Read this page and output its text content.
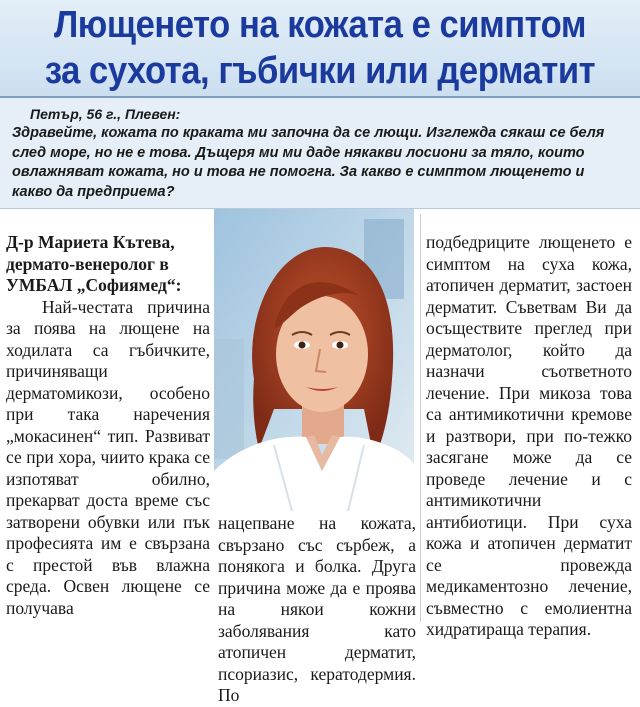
Лющенето на кожата е симптом
за сухота, гъбички или дерматит

Петър, 56 г., Плевен:

Здравейте, кожата по краката ми започна да се лющи. Изглежда сякаш се беля след море, но не е това. Дъщеря ми ми даде някакви лосиони за тяло, които овлажняват кожата, но и това не помогна. За какво е симптом лющенето и какво да предприема?

Д-р Мариета Кътева, дермато-венеролог в УМБАЛ „Софиямед“:

Най-честата причина за поява на лющене на ходилата са гъбичките, причиняващи дерматомикози, особено при така наречения „мокасинен“ тип. Развиват се при хора, чиито крака се изпотяват обилно, прекарват доста време със затворени обувки или пък професията им е свързана с престой във влажна среда. Освен лющене се получава

нацепване на кожата, свързано със сърбеж, а понякога и болка. Друга причина може да е проява на някои кожни заболявания като атопичен дерматит, псориазис, кератодермия. По

подбедриците лющенето е симптом на суха кожа, атопичен дерматит, застоен дерматит. Съветвам Ви да осъществите преглед при дерматолог, който да назначи съответното лечение. При микоза това са антимикотични кремове и разтвори, при по-тежко засягане може да се проведе лечение и с антимикотични антибиотици. При суха кожа и атопичен дерматит се провежда медикаментозно лечение, съвместно с емолиентна хидратираща терапия.
